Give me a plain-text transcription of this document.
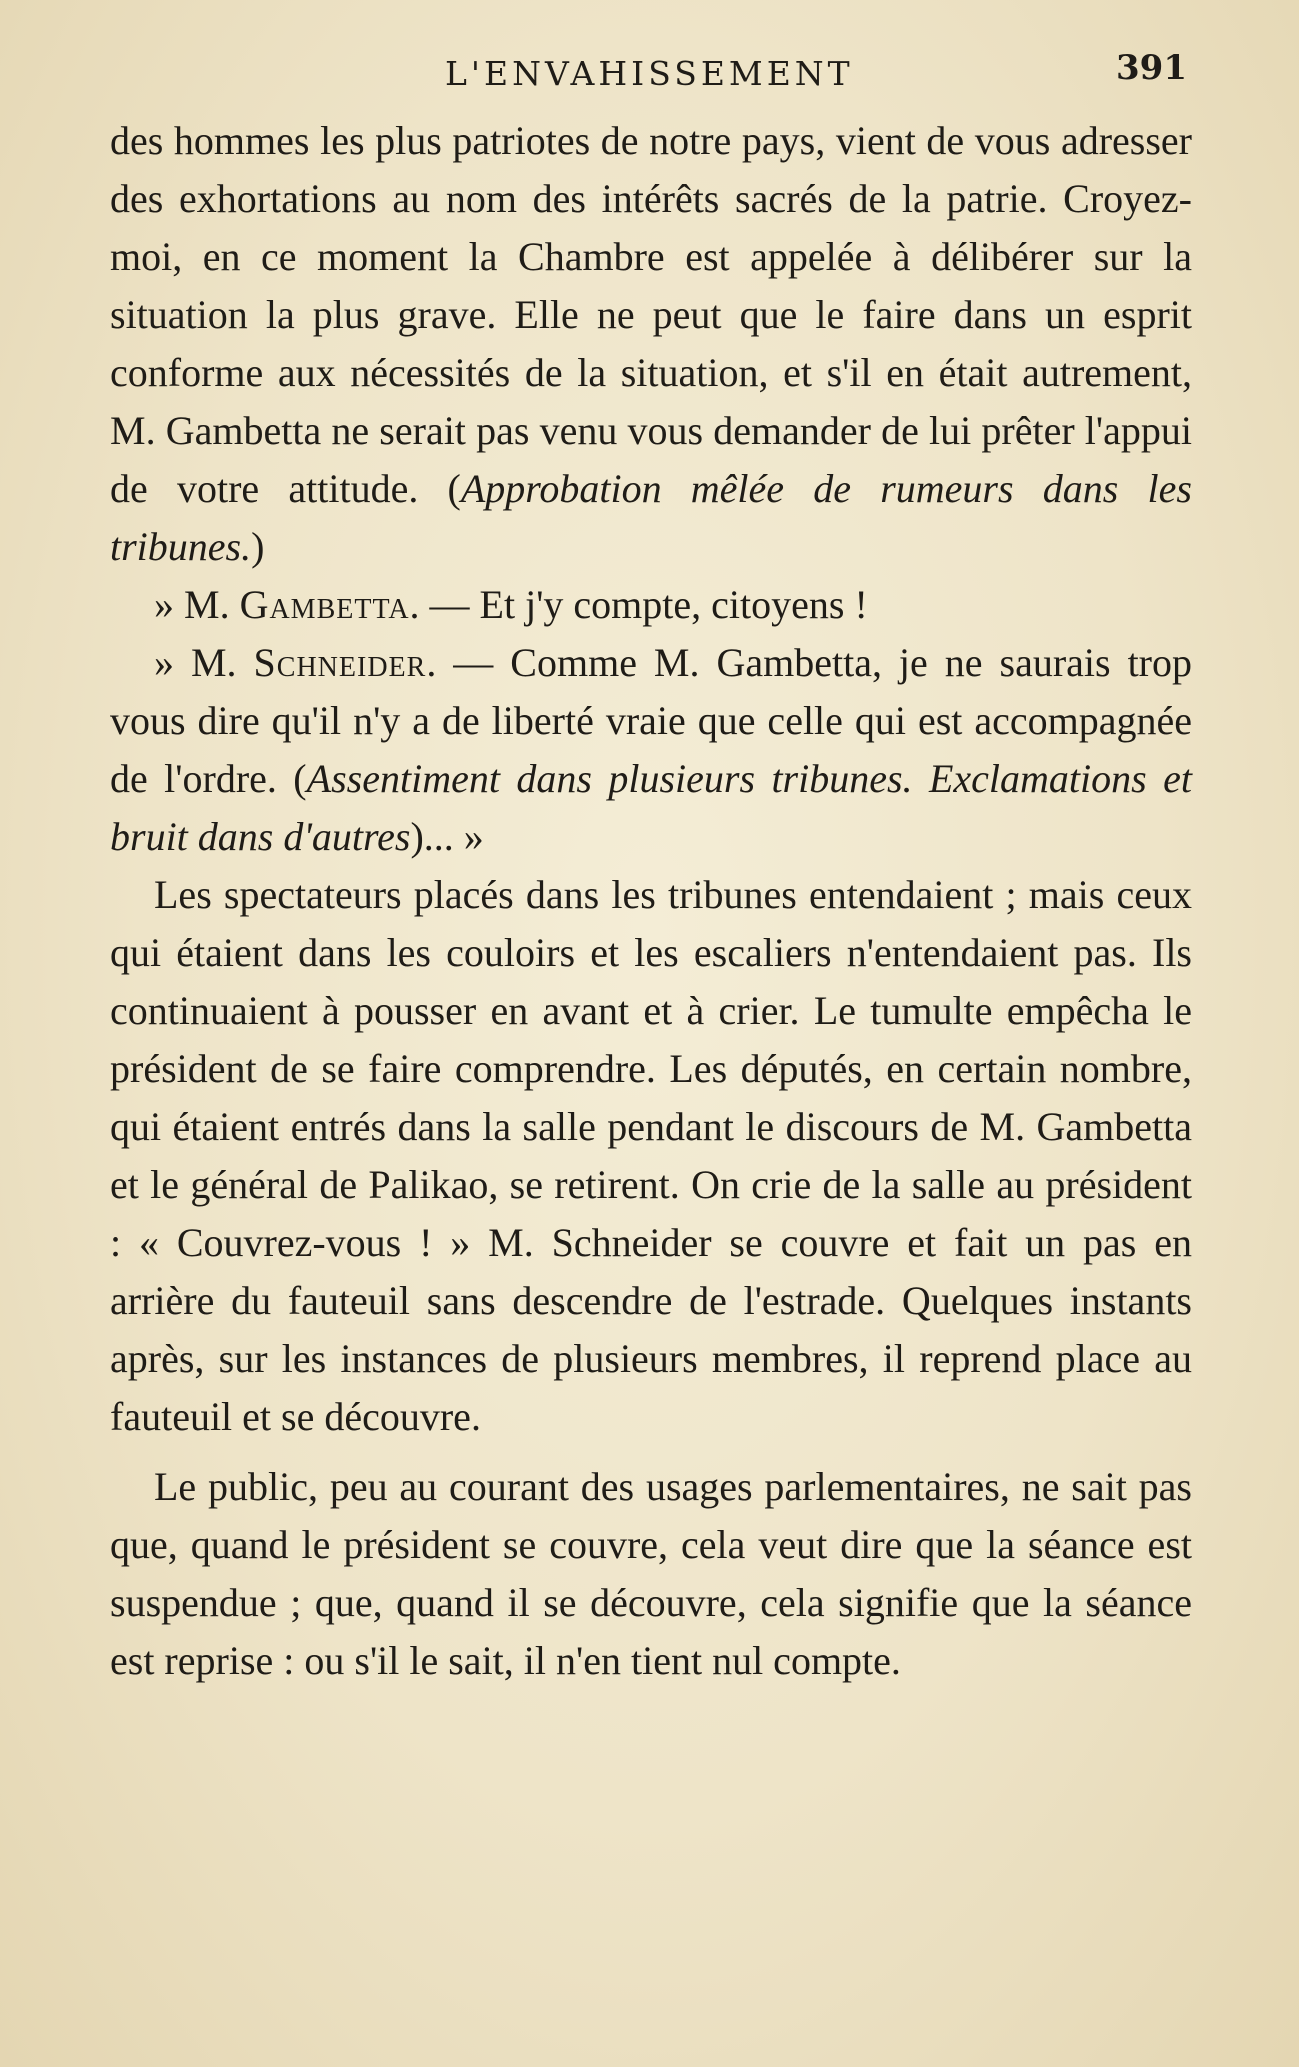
L'ENVAHISSEMENT	391

des hommes les plus patriotes de notre pays, vient de vous adresser des exhortations au nom des intérêts sacrés de la patrie. Croyez-moi, en ce moment la Chambre est appelée à délibérer sur la situation la plus grave. Elle ne peut que le faire dans un esprit conforme aux nécessités de la situation, et s'il en était autrement, M. Gambetta ne serait pas venu vous demander de lui prêter l'appui de votre attitude. (Approbation mêlée de rumeurs dans les tribunes.)

» M. Gambetta. — Et j'y compte, citoyens !

» M. Schneider. — Comme M. Gambetta, je ne saurais trop vous dire qu'il n'y a de liberté vraie que celle qui est accompagnée de l'ordre. (Assentiment dans plusieurs tribunes. Exclamations et bruit dans d'autres)... »

Les spectateurs placés dans les tribunes entendaient ; mais ceux qui étaient dans les couloirs et les escaliers n'entendaient pas. Ils continuaient à pousser en avant et à crier. Le tumulte empêcha le président de se faire comprendre. Les députés, en certain nombre, qui étaient entrés dans la salle pendant le discours de M. Gambetta et le général de Palikao, se retirent. On crie de la salle au président : « Couvrez-vous ! » M. Schneider se couvre et fait un pas en arrière du fauteuil sans descendre de l'estrade. Quelques instants après, sur les instances de plusieurs membres, il reprend place au fauteuil et se découvre.

Le public, peu au courant des usages parlementaires, ne sait pas que, quand le président se couvre, cela veut dire que la séance est suspendue ; que, quand il se découvre, cela signifie que la séance est reprise : ou s'il le sait, il n'en tient nul compte.
